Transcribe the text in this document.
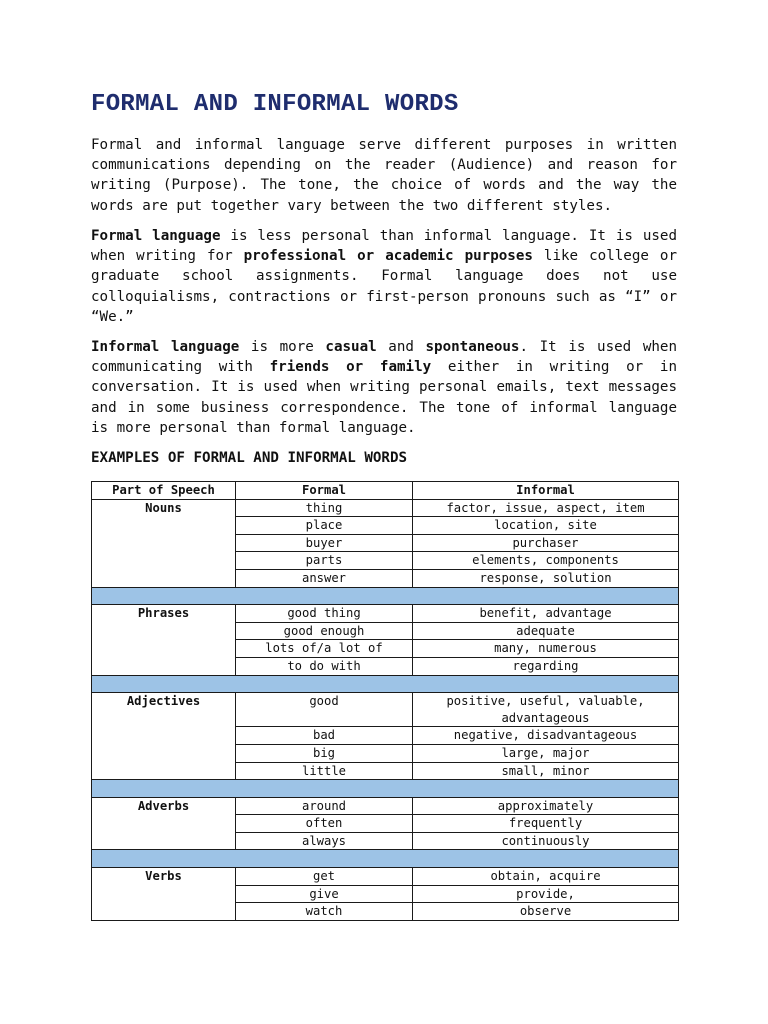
FORMAL AND INFORMAL WORDS

Formal and informal language serve different purposes in written communications depending on the reader (Audience) and reason for writing (Purpose). The tone, the choice of words and the way the words are put together vary between the two different styles.

Formal language is less personal than informal language. It is used when writing for professional or academic purposes like college or graduate school assignments. Formal language does not use colloquialisms, contractions or first-person pronouns such as “I” or “We.”

Informal language is more casual and spontaneous. It is used when communicating with friends or family either in writing or in conversation. It is used when writing personal emails, text messages and in some business correspondence. The tone of informal language is more personal than formal language.

EXAMPLES OF FORMAL AND INFORMAL WORDS

Part of Speech	Formal	Informal
Nouns	thing	factor, issue, aspect, item
	place	location, site
	buyer	purchaser
	parts	elements, components
	answer	response, solution

Phrases	good thing	benefit, advantage
	good enough	adequate
	lots of/a lot of	many, numerous
	to do with	regarding

Adjectives	good	positive, useful, valuable, advantageous
	bad	negative, disadvantageous
	big	large, major
	little	small, minor

Adverbs	around	approximately
	often	frequently
	always	continuously

Verbs	get	obtain, acquire
	give	provide,
	watch	observe
